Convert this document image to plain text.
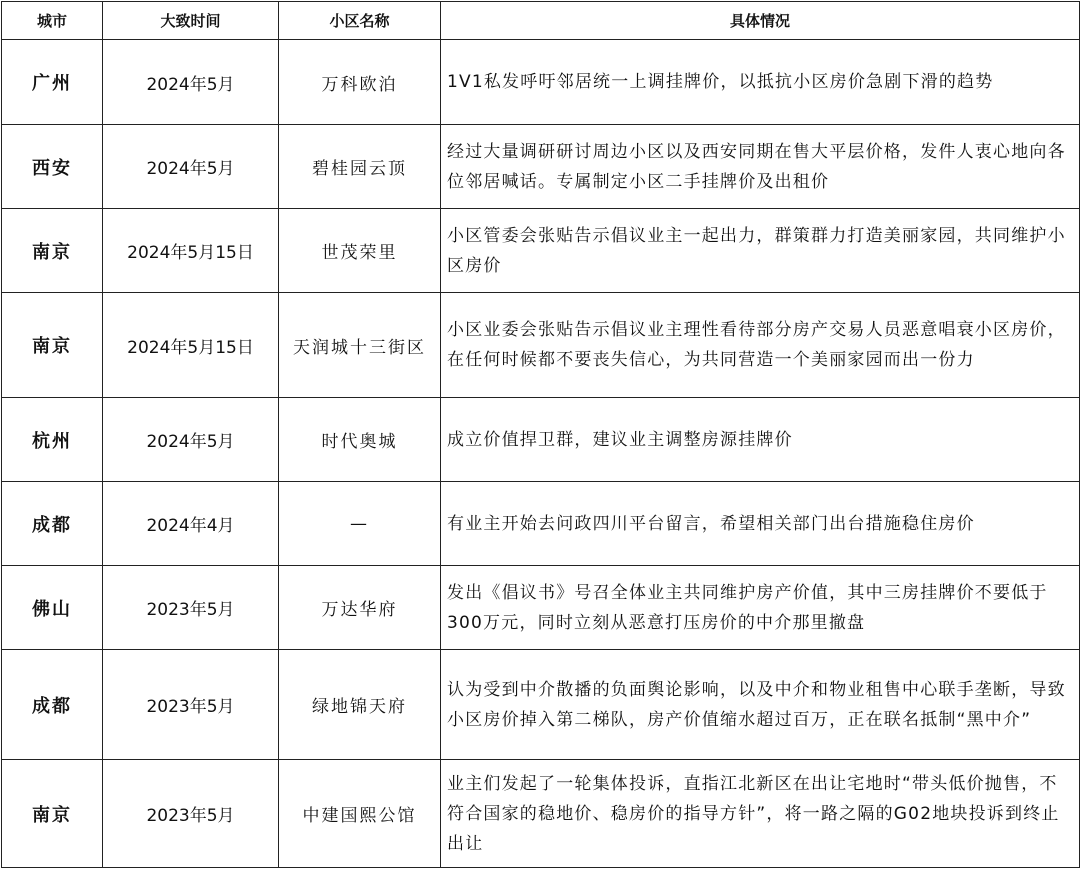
城市	大致时间	小区名称	具体情况
广州	2024年5月	万科欧泊	1V1私发呼吁邻居统一上调挂牌价，以抵抗小区房价急剧下滑的趋势
西安	2024年5月	碧桂园云顶	经过大量调研研讨周边小区以及西安同期在售大平层价格，发件人衷心地向各位邻居喊话。专属制定小区二手挂牌价及出租价
南京	2024年5月15日	世茂荣里	小区管委会张贴告示倡议业主一起出力，群策群力打造美丽家园，共同维护小区房价
南京	2024年5月15日	天润城十三街区	小区业委会张贴告示倡议业主理性看待部分房产交易人员恶意唱衰小区房价，在任何时候都不要丧失信心，为共同营造一个美丽家园而出一份力
杭州	2024年5月	时代奥城	成立价值捍卫群，建议业主调整房源挂牌价
成都	2024年4月	—	有业主开始去问政四川平台留言，希望相关部门出台措施稳住房价
佛山	2023年5月	万达华府	发出《倡议书》号召全体业主共同维护房产价值，其中三房挂牌价不要低于300万元，同时立刻从恶意打压房价的中介那里撤盘
成都	2023年5月	绿地锦天府	认为受到中介散播的负面舆论影响，以及中介和物业租售中心联手垄断，导致小区房价掉入第二梯队，房产价值缩水超过百万，正在联名抵制“黑中介”
南京	2023年5月	中建国熙公馆	业主们发起了一轮集体投诉，直指江北新区在出让宅地时“带头低价抛售，不符合国家的稳地价、稳房价的指导方针”，将一路之隔的G02地块投诉到终止出让
